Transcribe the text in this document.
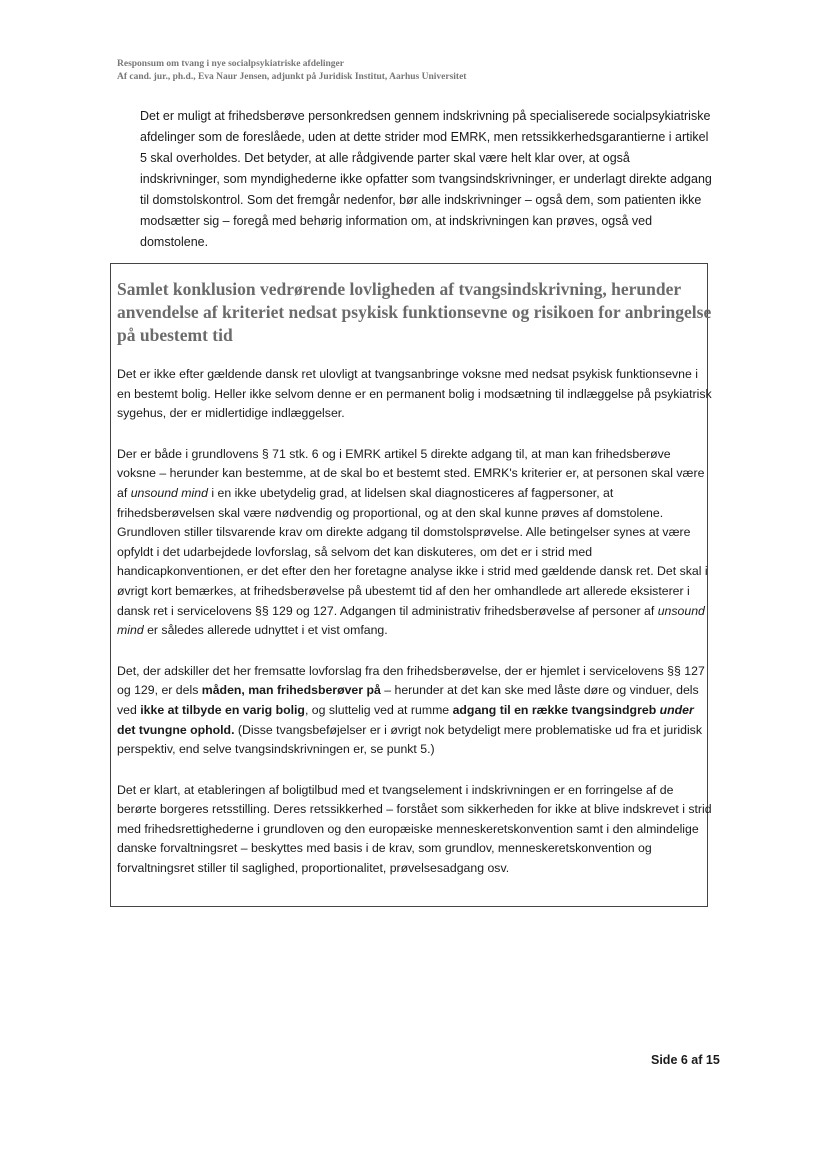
Responsum om tvang i nye socialpsykiatriske afdelinger
Af cand. jur., ph.d., Eva Naur Jensen, adjunkt på Juridisk Institut, Aarhus Universitet

Det er muligt at frihedsberøve personkredsen gennem indskrivning på specialiserede socialpsykiatriske afdelinger som de foreslåede, uden at dette strider mod EMRK, men retssikkerhedsgarantierne i artikel 5 skal overholdes. Det betyder, at alle rådgivende parter skal være helt klar over, at også indskrivninger, som myndighederne ikke opfatter som tvangsindskrivninger, er underlagt direkte adgang til domstolskontrol. Som det fremgår nedenfor, bør alle indskrivninger – også dem, som patienten ikke modsætter sig – foregå med behørig information om, at indskrivningen kan prøves, også ved domstolene.

Samlet konklusion vedrørende lovligheden af tvangsindskrivning, herunder anvendelse af kriteriet nedsat psykisk funktionsevne og risikoen for anbringelse på ubestemt tid

Det er ikke efter gældende dansk ret ulovligt at tvangsanbringe voksne med nedsat psykisk funktionsevne i en bestemt bolig. Heller ikke selvom denne er en permanent bolig i modsætning til indlæggelse på psykiatrisk sygehus, der er midlertidige indlæggelser.

Der er både i grundlovens § 71 stk. 6 og i EMRK artikel 5 direkte adgang til, at man kan frihedsberøve voksne – herunder kan bestemme, at de skal bo et bestemt sted. EMRK's kriterier er, at personen skal være af unsound mind i en ikke ubetydelig grad, at lidelsen skal diagnosticeres af fagpersoner, at frihedsberøvelsen skal være nødvendig og proportional, og at den skal kunne prøves af domstolene. Grundloven stiller tilsvarende krav om direkte adgang til domstolsprøvelse. Alle betingelser synes at være opfyldt i det udarbejdede lovforslag, så selvom det kan diskuteres, om det er i strid med handicapkonventionen, er det efter den her foretagne analyse ikke i strid med gældende dansk ret. Det skal i øvrigt kort bemærkes, at frihedsberøvelse på ubestemt tid af den her omhandlede art allerede eksisterer i dansk ret i servicelovens §§ 129 og 127. Adgangen til administrativ frihedsberøvelse af personer af unsound mind er således allerede udnyttet i et vist omfang.

Det, der adskiller det her fremsatte lovforslag fra den frihedsberøvelse, der er hjemlet i servicelovens §§ 127 og 129, er dels måden, man frihedsberøver på – herunder at det kan ske med låste døre og vinduer, dels ved ikke at tilbyde en varig bolig, og sluttelig ved at rumme adgang til en række tvangsindgreb under det tvungne ophold. (Disse tvangsbeføjelser er i øvrigt nok betydeligt mere problematiske ud fra et juridisk perspektiv, end selve tvangsindskrivningen er, se punkt 5.)

Det er klart, at etableringen af boligtilbud med et tvangselement i indskrivningen er en forringelse af de berørte borgeres retsstilling. Deres retssikkerhed – forstået som sikkerheden for ikke at blive indskrevet i strid med frihedsrettighederne i grundloven og den europæiske menneskeretskonvention samt i den almindelige danske forvaltningsret – beskyttes med basis i de krav, som grundlov, menneskeretskonvention og forvaltningsret stiller til saglighed, proportionalitet, prøvelsesadgang osv.

Side 6 af 15
